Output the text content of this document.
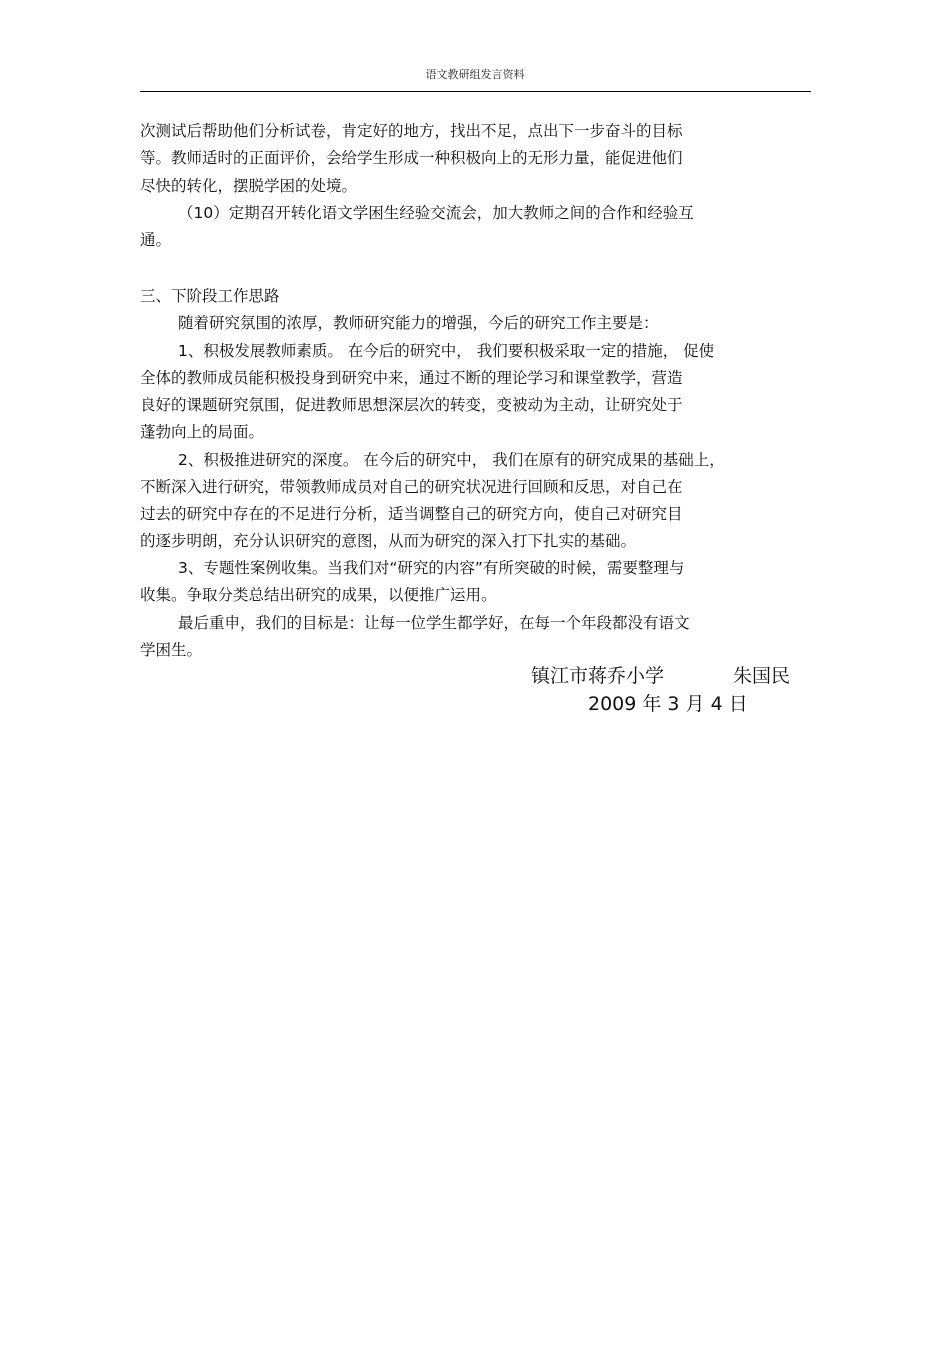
语文教研组发言资料
次测试后帮助他们分析试卷，肯定好的地方，找出不足，点出下一步奋斗的目标
等。教师适时的正面评价，会给学生形成一种积极向上的无形力量，能促进他们
尽快的转化，摆脱学困的处境。
（10）定期召开转化语文学困生经验交流会，加大教师之间的合作和经验互
通。
三、下阶段工作思路
随着研究氛围的浓厚，教师研究能力的增强，今后的研究工作主要是：
1、积极发展教师素质。 在今后的研究中， 我们要积极采取一定的措施， 促使
全体的教师成员能积极投身到研究中来，通过不断的理论学习和课堂教学，营造
良好的课题研究氛围，促进教师思想深层次的转变，变被动为主动，让研究处于
蓬勃向上的局面。
2、积极推进研究的深度。 在今后的研究中， 我们在原有的研究成果的基础上，
不断深入进行研究，带领教师成员对自己的研究状况进行回顾和反思，对自己在
过去的研究中存在的不足进行分析，适当调整自己的研究方向，使自己对研究目
的逐步明朗，充分认识研究的意图，从而为研究的深入打下扎实的基础。
3、专题性案例收集。当我们对“研究的内容”有所突破的时候，需要整理与
收集。争取分类总结出研究的成果，以便推广运用。
最后重申，我们的目标是：让每一位学生都学好，在每一个年段都没有语文
学困生。
镇江市蒋乔小学	朱国民
2009 年 3 月 4 日
